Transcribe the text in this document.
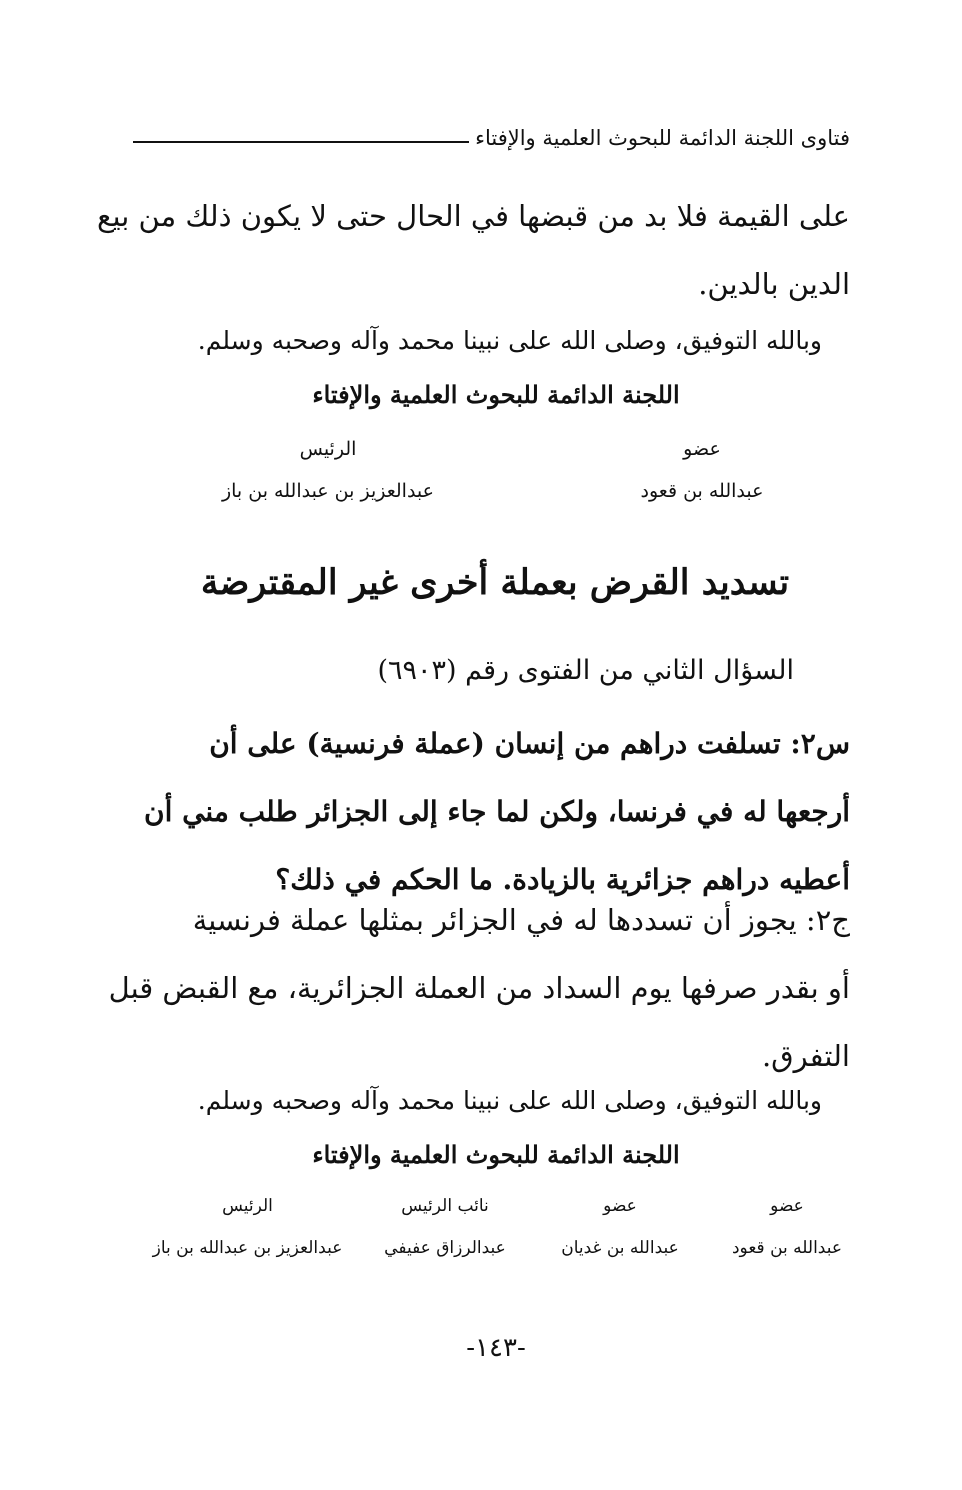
فتاوى اللجنة الدائمة للبحوث العلمية والإفتاء
على القيمة فلا بد من قبضها في الحال حتى لا يكون ذلك من بيع
الدين بالدين.
وبالله التوفيق، وصلى الله على نبينا محمد وآله وصحبه وسلم.
اللجنة الدائمة للبحوث العلمية والإفتاء
عضو
عبدالله بن قعود
الرئيس
عبدالعزيز بن عبدالله بن باز
تسديد القرض بعملة أخرى غير المقترضة
السؤال الثاني من الفتوى رقم (٦٩٠٣)
س٢: تسلفت دراهم من إنسان (عملة فرنسية) على أن
أرجعها له في فرنسا، ولكن لما جاء إلى الجزائر طلب مني أن
أعطيه دراهم جزائرية بالزيادة. ما الحكم في ذلك؟
ج٢: يجوز أن تسددها له في الجزائر بمثلها عملة فرنسية
أو بقدر صرفها يوم السداد من العملة الجزائرية، مع القبض قبل
التفرق.
وبالله التوفيق، وصلى الله على نبينا محمد وآله وصحبه وسلم.
اللجنة الدائمة للبحوث العلمية والإفتاء
عضو
عبدالله بن قعود
عضو
عبدالله بن غديان
نائب الرئيس
عبدالرزاق عفيفي
الرئيس
عبدالعزيز بن عبدالله بن باز
-١٤٣-
